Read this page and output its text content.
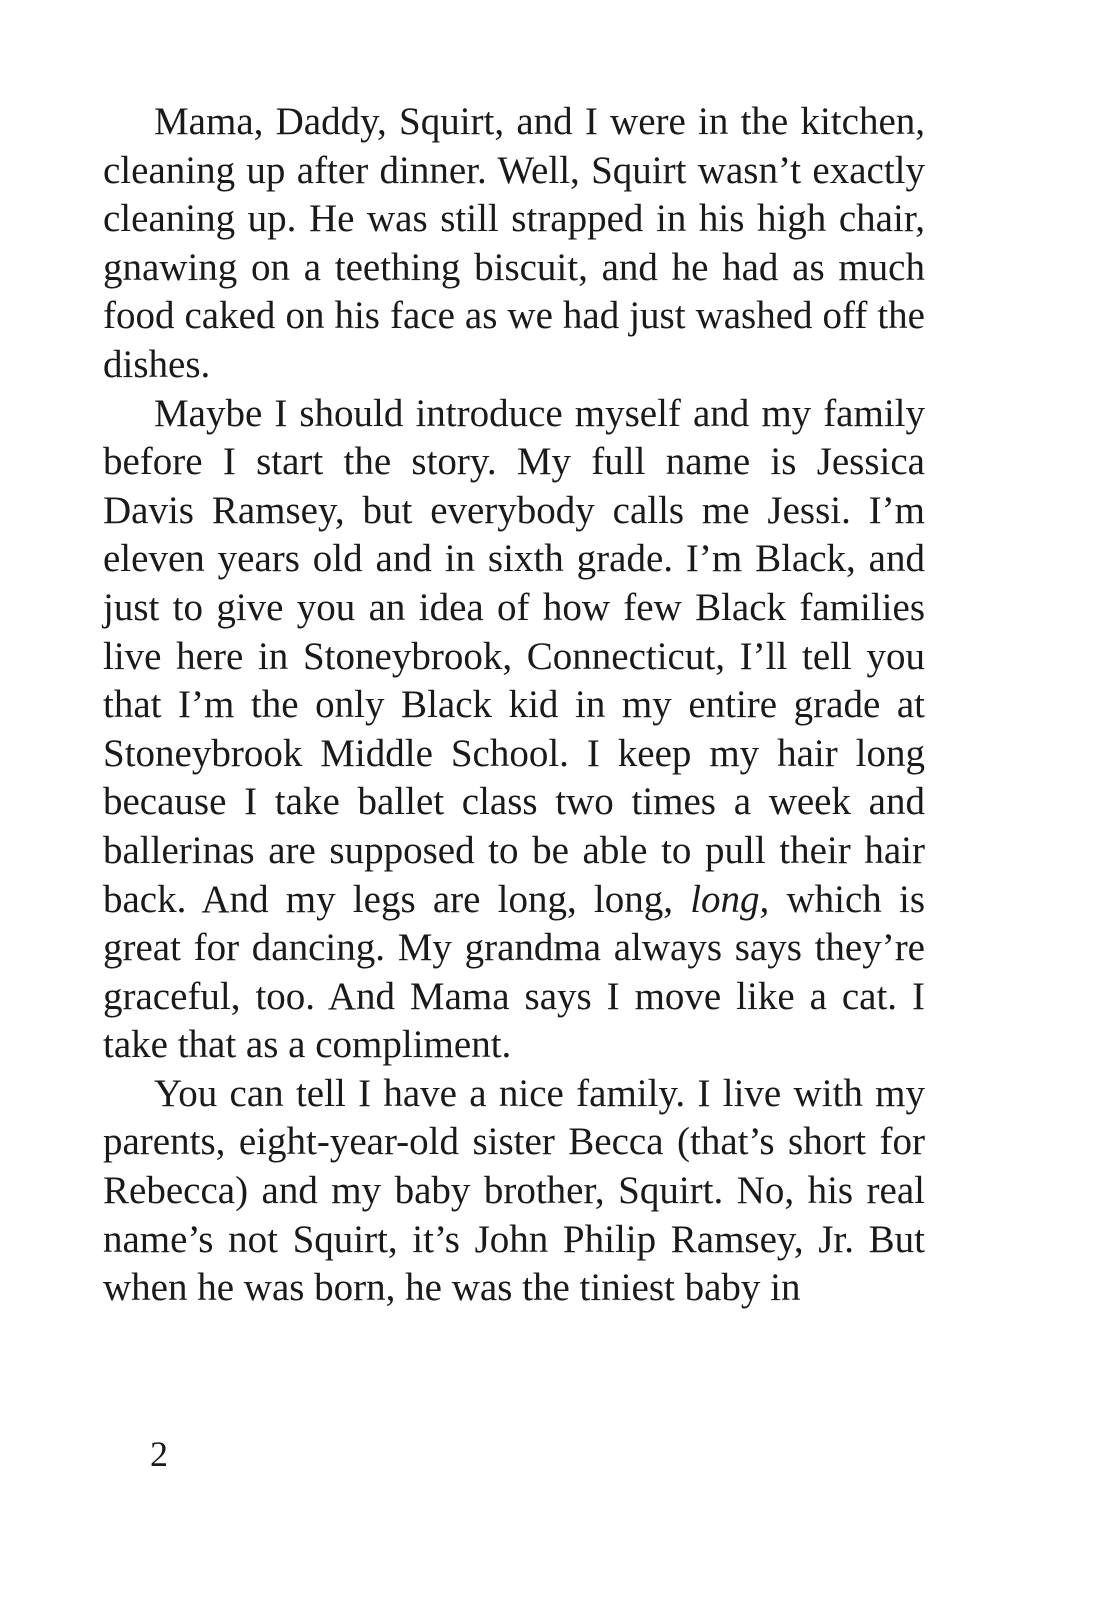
Mama, Daddy, Squirt, and I were in the kitchen, cleaning up after dinner. Well, Squirt wasn’t exactly cleaning up. He was still strapped in his high chair, gnawing on a teething biscuit, and he had as much food caked on his face as we had just washed off the dishes.

Maybe I should introduce myself and my family before I start the story. My full name is Jessica Davis Ramsey, but everybody calls me Jessi. I’m eleven years old and in sixth grade. I’m Black, and just to give you an idea of how few Black families live here in Stoneybrook, Connecticut, I’ll tell you that I’m the only Black kid in my entire grade at Stoneybrook Middle School. I keep my hair long because I take ballet class two times a week and ballerinas are supposed to be able to pull their hair back. And my legs are long, long, long, which is great for dancing. My grandma always says they’re graceful, too. And Mama says I move like a cat. I take that as a compliment.

You can tell I have a nice family. I live with my parents, eight-year-old sister Becca (that’s short for Rebecca) and my baby brother, Squirt. No, his real name’s not Squirt, it’s John Philip Ramsey, Jr. But when he was born, he was the tiniest baby in

2
